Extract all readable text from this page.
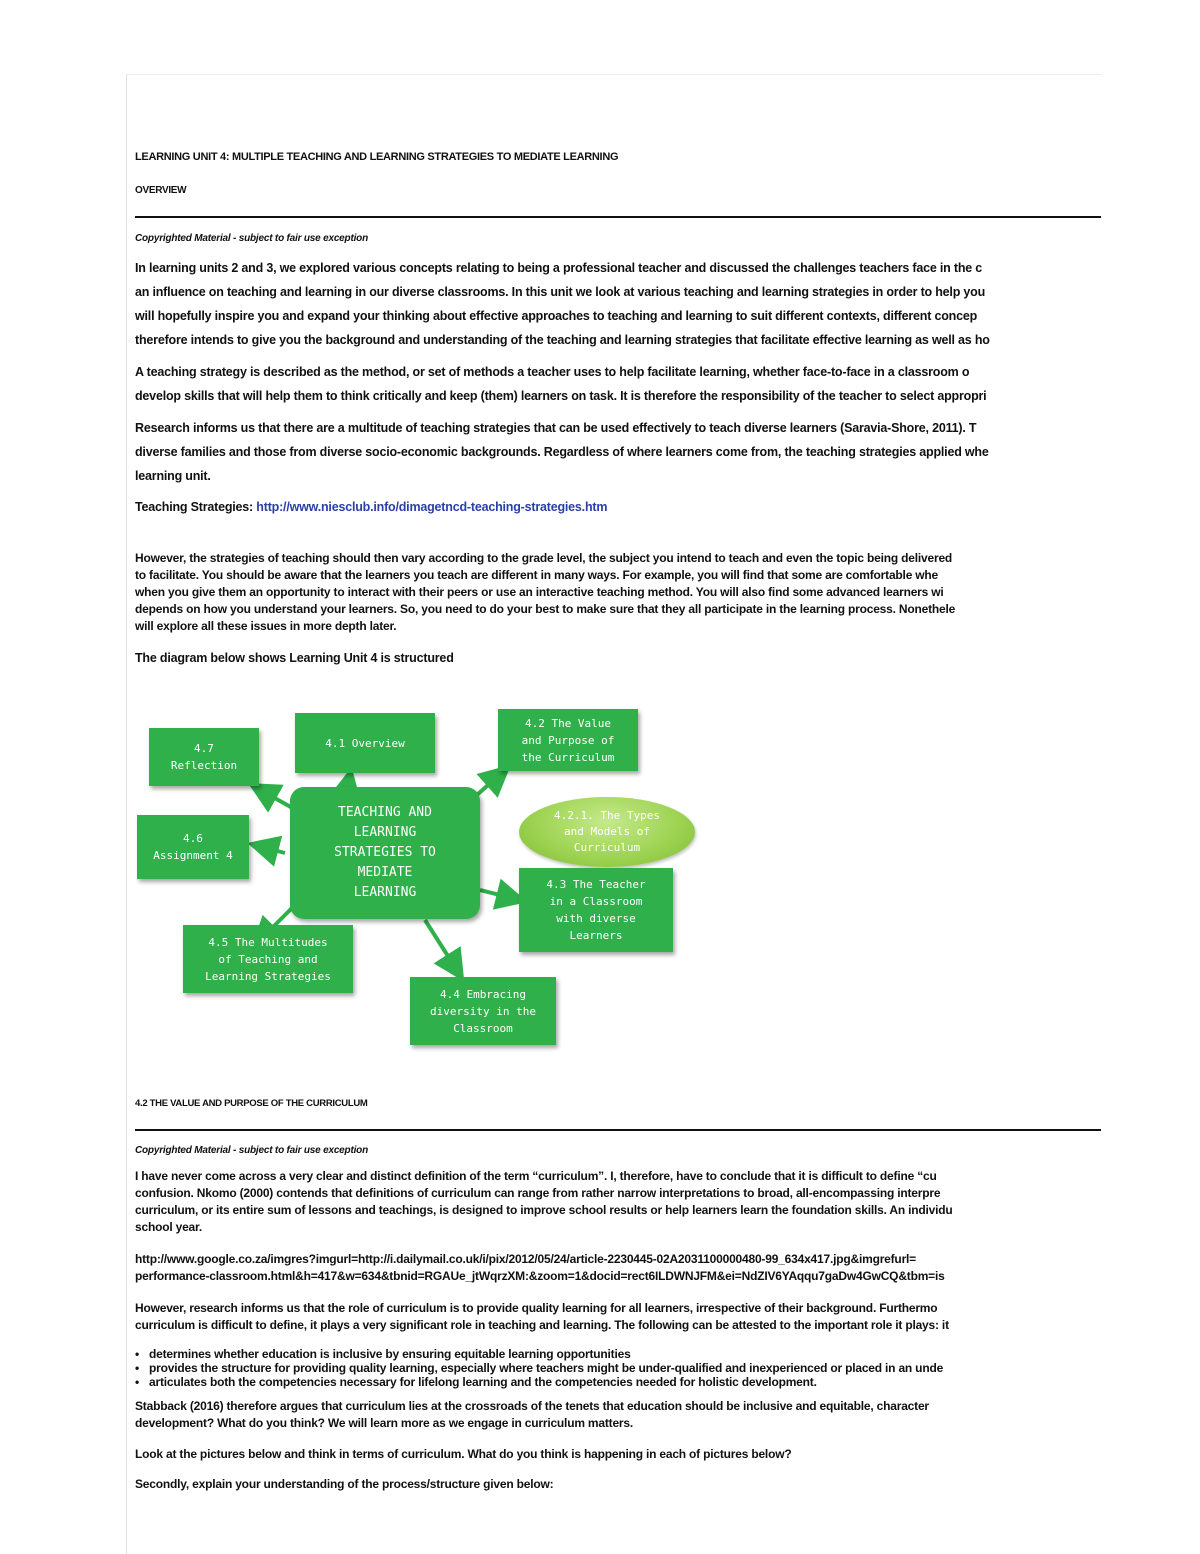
LEARNING UNIT 4: MULTIPLE TEACHING AND LEARNING STRATEGIES TO MEDIATE LEARNING
OVERVIEW
Copyrighted Material - subject to fair use exception
In learning units 2 and 3, we explored various concepts relating to being a professional teacher and discussed the challenges teachers face in the c
an influence on teaching and learning in our diverse classrooms. In this unit we look at various teaching and learning strategies in order to help you
will hopefully inspire you and expand your thinking about effective approaches to teaching and learning to suit different contexts, different concep
therefore intends to give you the background and understanding of the teaching and learning strategies that facilitate effective learning as well as ho
A teaching strategy is described as the method, or set of methods a teacher uses to help facilitate learning, whether face-to-face in a classroom o
develop skills that will help them to think critically and keep (them) learners on task. It is therefore the responsibility of the teacher to select appropri
Research informs us that there are a multitude of teaching strategies that can be used effectively to teach diverse learners (Saravia-Shore, 2011). T
diverse families and those from diverse socio-economic backgrounds. Regardless of where learners come from, the teaching strategies applied whe
learning unit.
Teaching Strategies: http://www.niesclub.info/dimagetncd-teaching-strategies.htm
However, the strategies of teaching should then vary according to the grade level, the subject you intend to teach and even the topic being delivered
to facilitate. You should be aware that the learners you teach are different in many ways. For example, you will find that some are comfortable whe
when you give them an opportunity to interact with their peers or use an interactive teaching method. You will also find some advanced learners wi
depends on how you understand your learners. So, you need to do your best to make sure that they all participate in the learning process. Nonethele
will explore all these issues in more depth later.
The diagram below shows Learning Unit 4 is structured
4.7
Reflection
4.1 Overview
4.2 The Value
and Purpose of
the Curriculum
4.2.1. The Types
and Models of
Curriculum
4.6
Assignment 4
TEACHING AND
LEARNING
STRATEGIES TO
MEDIATE
LEARNING
4.3 The Teacher
in a Classroom
with diverse
Learners
4.5 The Multitudes
of Teaching and
Learning Strategies
4.4 Embracing
diversity in the
Classroom
4.2 THE VALUE AND PURPOSE OF THE CURRICULUM
Copyrighted Material - subject to fair use exception
I have never come across a very clear and distinct definition of the term “curriculum”. I, therefore, have to conclude that it is difficult to define “cu
confusion. Nkomo (2000) contends that definitions of curriculum can range from rather narrow interpretations to broad, all-encompassing interpre
curriculum, or its entire sum of lessons and teachings, is designed to improve school results or help learners learn the foundation skills. An individu
school year.
http://www.google.co.za/imgres?imgurl=http://i.dailymail.co.uk/i/pix/2012/05/24/article-2230445-02A2031100000480-99_634x417.jpg&imgrefurl=
performance-classroom.html&h=417&w=634&tbnid=RGAUe_jtWqrzXM:&zoom=1&docid=rect6ILDWNJFM&ei=NdZIV6YAqqu7gaDw4GwCQ&tbm=is
However, research informs us that the role of curriculum is to provide quality learning for all learners, irrespective of their background. Furthermo
curriculum is difficult to define, it plays a very significant role in teaching and learning. The following can be attested to the important role it plays: it
• determines whether education is inclusive by ensuring equitable learning opportunities
• provides the structure for providing quality learning, especially where teachers might be under-qualified and inexperienced or placed in an unde
• articulates both the competencies necessary for lifelong learning and the competencies needed for holistic development.
Stabback (2016) therefore argues that curriculum lies at the crossroads of the tenets that education should be inclusive and equitable, character
development? What do you think? We will learn more as we engage in curriculum matters.
Look at the pictures below and think in terms of curriculum. What do you think is happening in each of pictures below?
Secondly, explain your understanding of the process/structure given below:
